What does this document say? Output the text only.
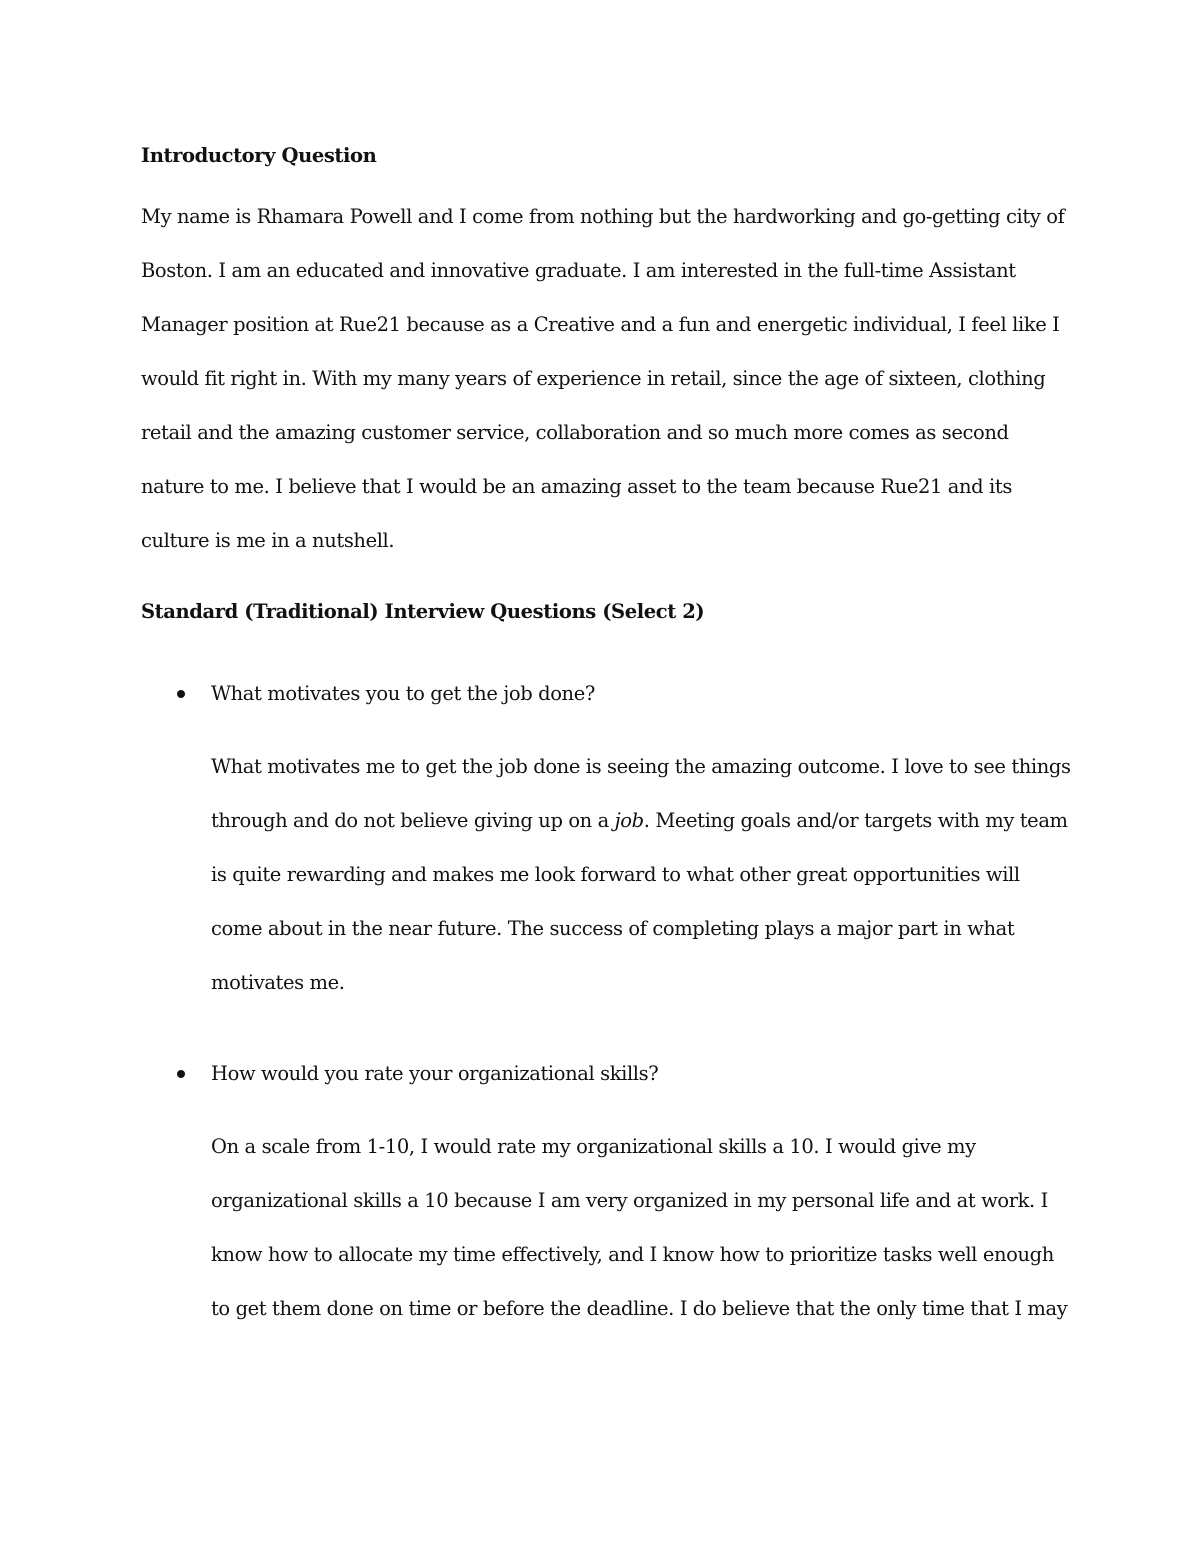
Introductory Question

My name is Rhamara Powell and I come from nothing but the hardworking and go-getting city of Boston. I am an educated and innovative graduate. I am interested in the full-time Assistant Manager position at Rue21 because as a Creative and a fun and energetic individual, I feel like I would fit right in. With my many years of experience in retail, since the age of sixteen, clothing retail and the amazing customer service, collaboration and so much more comes as second nature to me. I believe that I would be an amazing asset to the team because Rue21 and its culture is me in a nutshell.

Standard (Traditional) Interview Questions (Select 2)

What motivates you to get the job done?

What motivates me to get the job done is seeing the amazing outcome. I love to see things through and do not believe giving up on a job. Meeting goals and/or targets with my team is quite rewarding and makes me look forward to what other great opportunities will come about in the near future. The success of completing plays a major part in what motivates me.

How would you rate your organizational skills?

On a scale from 1-10, I would rate my organizational skills a 10. I would give my organizational skills a 10 because I am very organized in my personal life and at work. I know how to allocate my time effectively, and I know how to prioritize tasks well enough to get them done on time or before the deadline. I do believe that the only time that I may
